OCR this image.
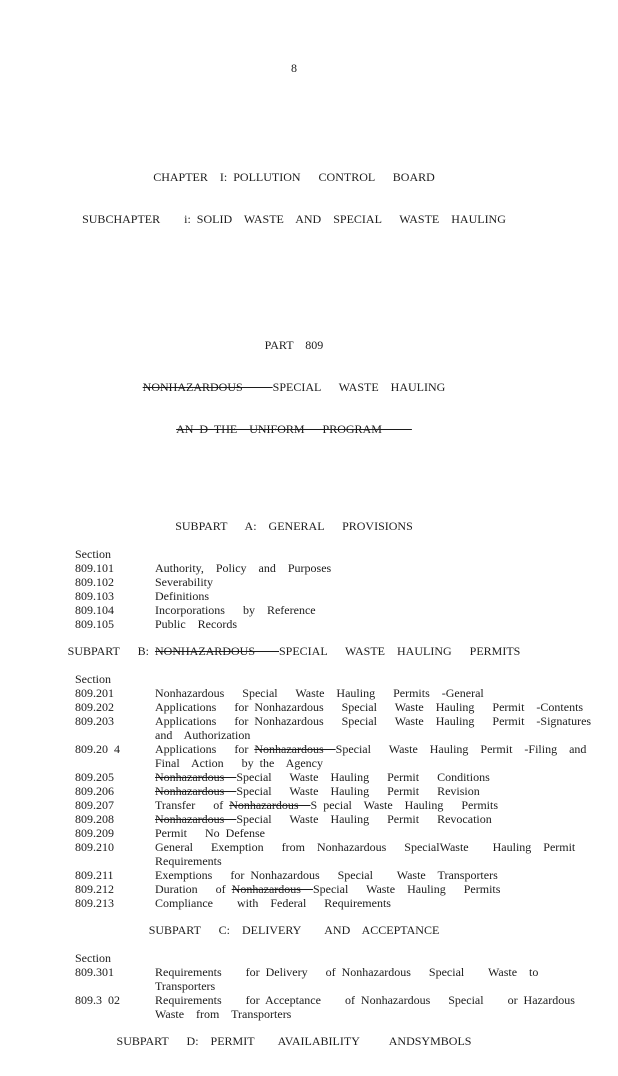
8

CHAPTER  I: POLLUTION   CONTROL   BOARD

SUBCHAPTER    i: SOLID  WASTE  AND  SPECIAL   WASTE  HAULING

PART  809

NONHAZARDOUS     SPECIAL   WASTE  HAULING

AN D THE  UNIFORM   PROGRAM

SUBPART   A:  GENERAL   PROVISIONS
Section
809.101	Authority,  Policy  and  Purposes
809.102	Severability
809.103	Definitions
809.104	Incorporations   by  Reference
809.105	Public  Records
SUBPART   B: NONHAZARDOUS    SPECIAL   WASTE  HAULING   PERMITS
Section
809.201	Nonhazardous   Special   Waste  Hauling   Permits  -General
809.202	Applications   for Nonhazardous   Special   Waste  Hauling   Permit  -Contents
809.203	Applications   for Nonhazardous   Special   Waste  Hauling   Permit  -Signatures
and  Authorization
809.20 4	Applications   for Nonhazardous  Special   Waste  Hauling  Permit  -Filing  and
Final  Action   by the  Agency
809.205	Nonhazardous  Special   Waste  Hauling   Permit   Conditions
809.206	Nonhazardous  Special   Waste  Hauling   Permit   Revision
809.207	Transfer   of Nonhazardous  S pecial  Waste  Hauling   Permits
809.208	Nonhazardous  Special   Waste  Hauling   Permit   Revocation
809.209	Permit   No Defense
809.210	General   Exemption   from  Nonhazardous   SpecialWaste    Hauling  Permit
Requirements
809.211	Exemptions   for Nonhazardous   Special    Waste  Transporters
809.212	Duration   of Nonhazardous  Special   Waste  Hauling   Permits
809.213	Compliance    with  Federal   Requirements
SUBPART   C:  DELIVERY    AND  ACCEPTANCE
Section
809.301	Requirements    for Delivery   of Nonhazardous   Special    Waste  to
Transporters
809.3 02	Requirements    for Acceptance    of Nonhazardous   Special    or Hazardous
Waste  from  Transporters
SUBPART   D:  PERMIT    AVAILABILITY     ANDSYMBOLS
